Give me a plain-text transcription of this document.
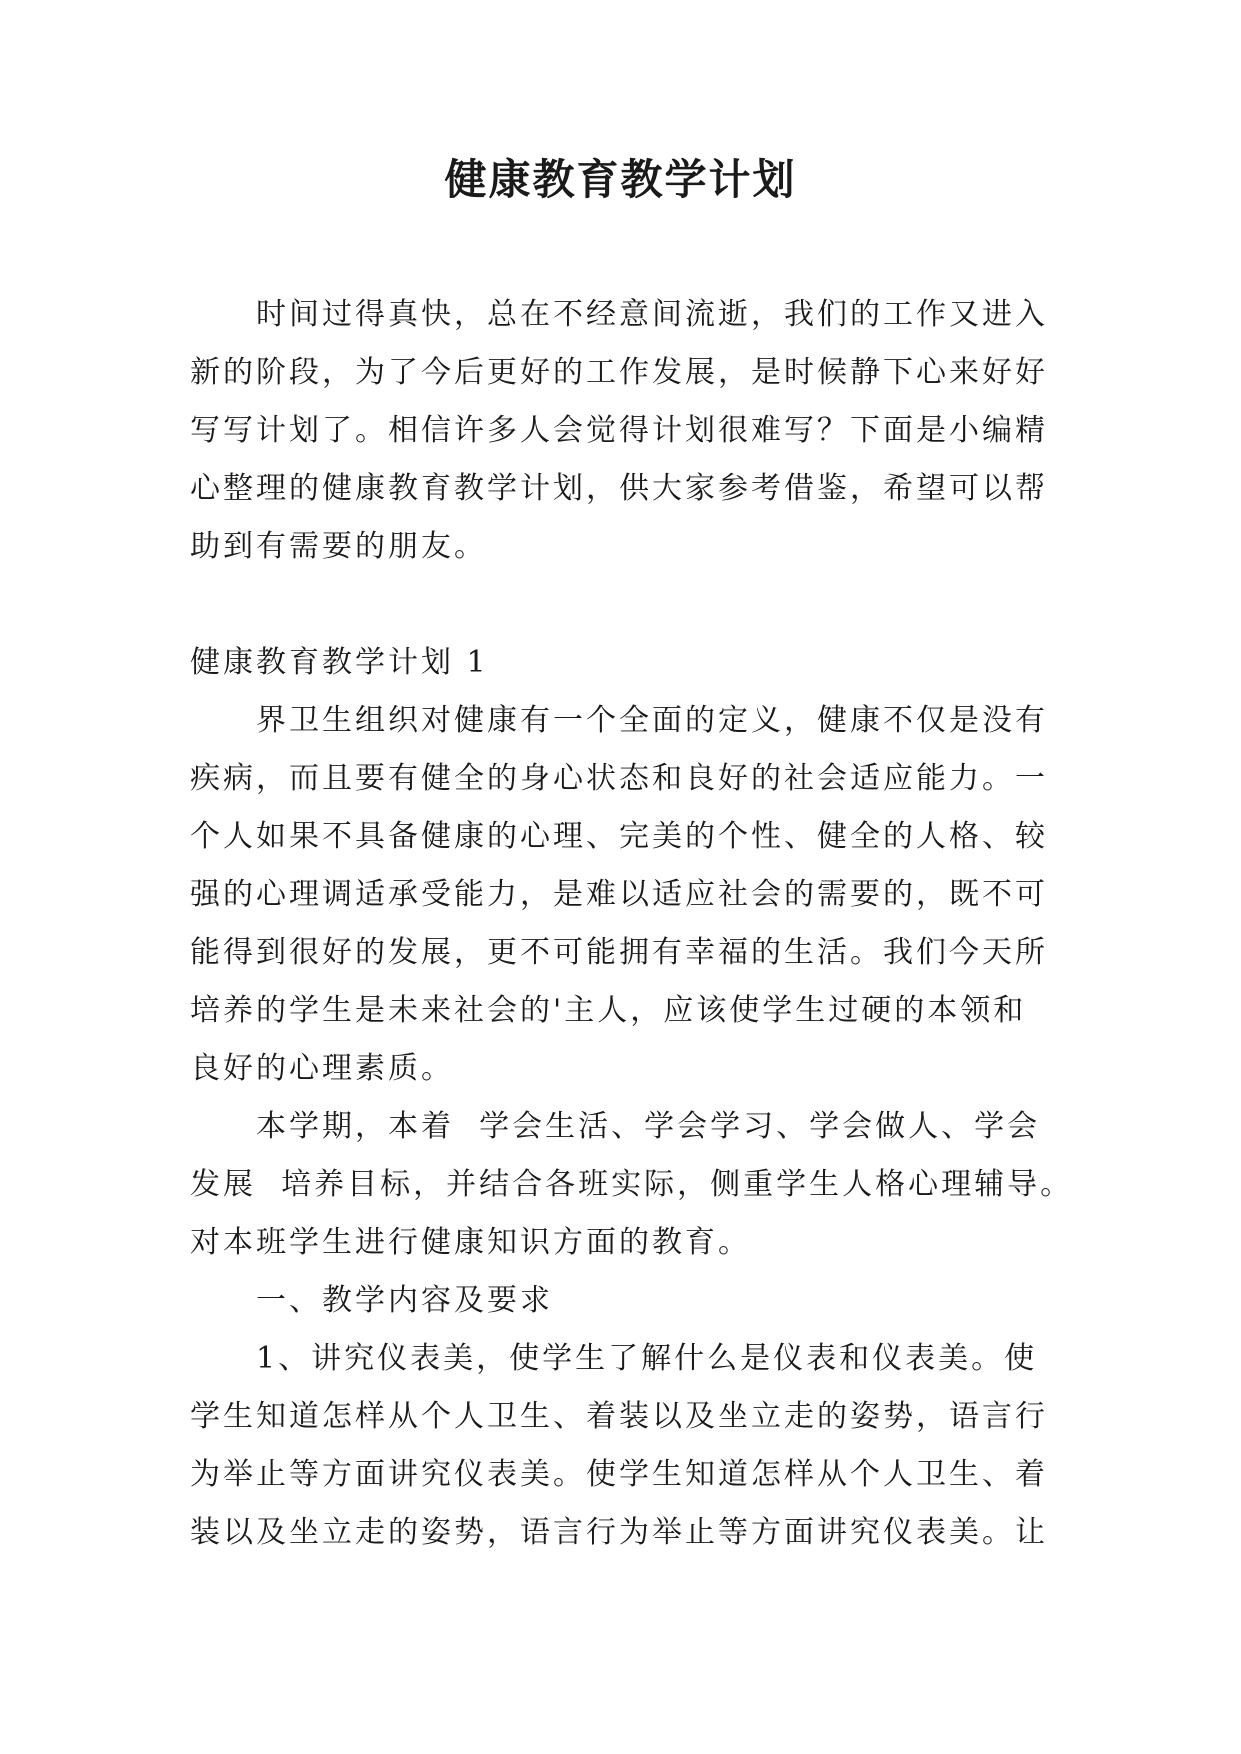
健康教育教学计划
时间过得真快，总在不经意间流逝，我们的工作又进入
新的阶段，为了今后更好的工作发展，是时候静下心来好好
写写计划了。相信许多人会觉得计划很难写？下面是小编精
心整理的健康教育教学计划，供大家参考借鉴，希望可以帮
助到有需要的朋友。
健康教育教学计划 1
界卫生组织对健康有一个全面的定义，健康不仅是没有
疾病，而且要有健全的身心状态和良好的社会适应能力。一
个人如果不具备健康的心理、完美的个性、健全的人格、较
强的心理调适承受能力，是难以适应社会的需要的，既不可
能得到很好的发展，更不可能拥有幸福的生活。我们今天所
培养的学生是未来社会的'主人，应该使学生过硬的本领和
良好的心理素质。
本学期，本着  学会生活、学会学习、学会做人、学会
发展  培养目标，并结合各班实际，侧重学生人格心理辅导。
对本班学生进行健康知识方面的教育。
一、教学内容及要求
1、讲究仪表美，使学生了解什么是仪表和仪表美。使
学生知道怎样从个人卫生、着装以及坐立走的姿势，语言行
为举止等方面讲究仪表美。使学生知道怎样从个人卫生、着
装以及坐立走的姿势，语言行为举止等方面讲究仪表美。让
